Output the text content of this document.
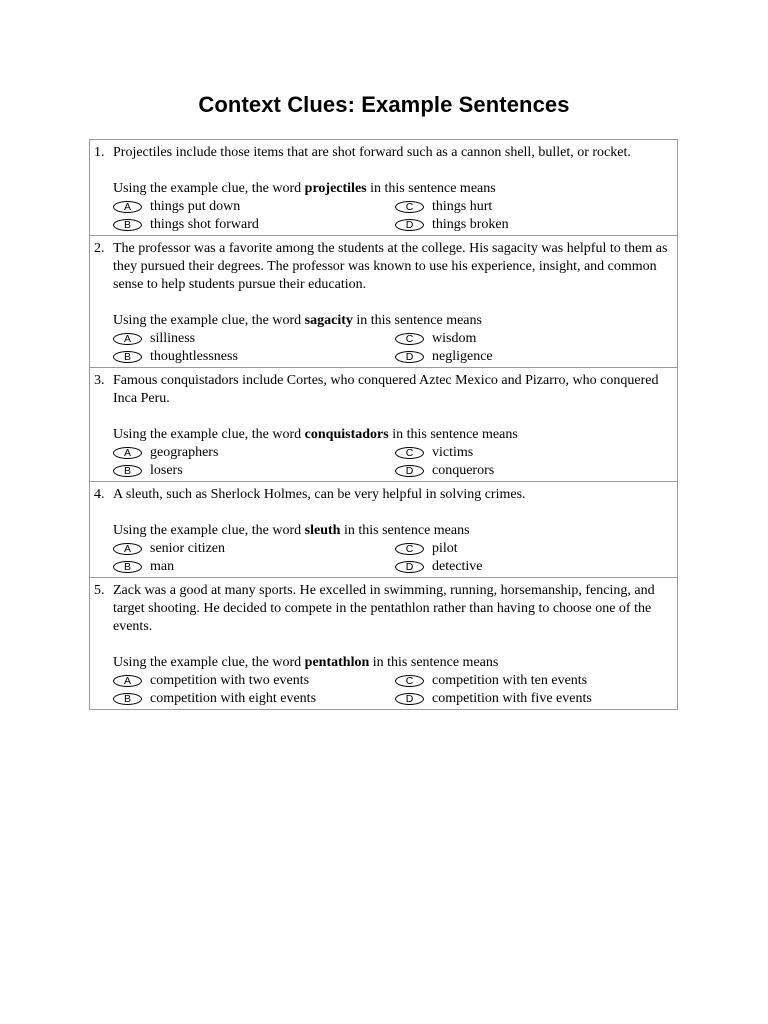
Context Clues: Example Sentences
1. Projectiles include those items that are shot forward such as a cannon shell, bullet, or rocket.
Using the example clue, the word projectiles in this sentence means
A	things put down	C	things hurt
B	things shot forward	D	things broken
2. The professor was a favorite among the students at the college. His sagacity was helpful to them as they pursued their degrees. The professor was known to use his experience, insight, and common sense to help students pursue their education.
Using the example clue, the word sagacity in this sentence means
A	silliness	C	wisdom
B	thoughtlessness	D	negligence
3. Famous conquistadors include Cortes, who conquered Aztec Mexico and Pizarro, who conquered Inca Peru.
Using the example clue, the word conquistadors in this sentence means
A	geographers	C	victims
B	losers	D	conquerors
4. A sleuth, such as Sherlock Holmes, can be very helpful in solving crimes.
Using the example clue, the word sleuth in this sentence means
A	senior citizen	C	pilot
B	man	D	detective
5. Zack was a good at many sports. He excelled in swimming, running, horsemanship, fencing, and target shooting. He decided to compete in the pentathlon rather than having to choose one of the events.
Using the example clue, the word pentathlon in this sentence means
A	competition with two events	C	competition with ten events
B	competition with eight events	D	competition with five events
